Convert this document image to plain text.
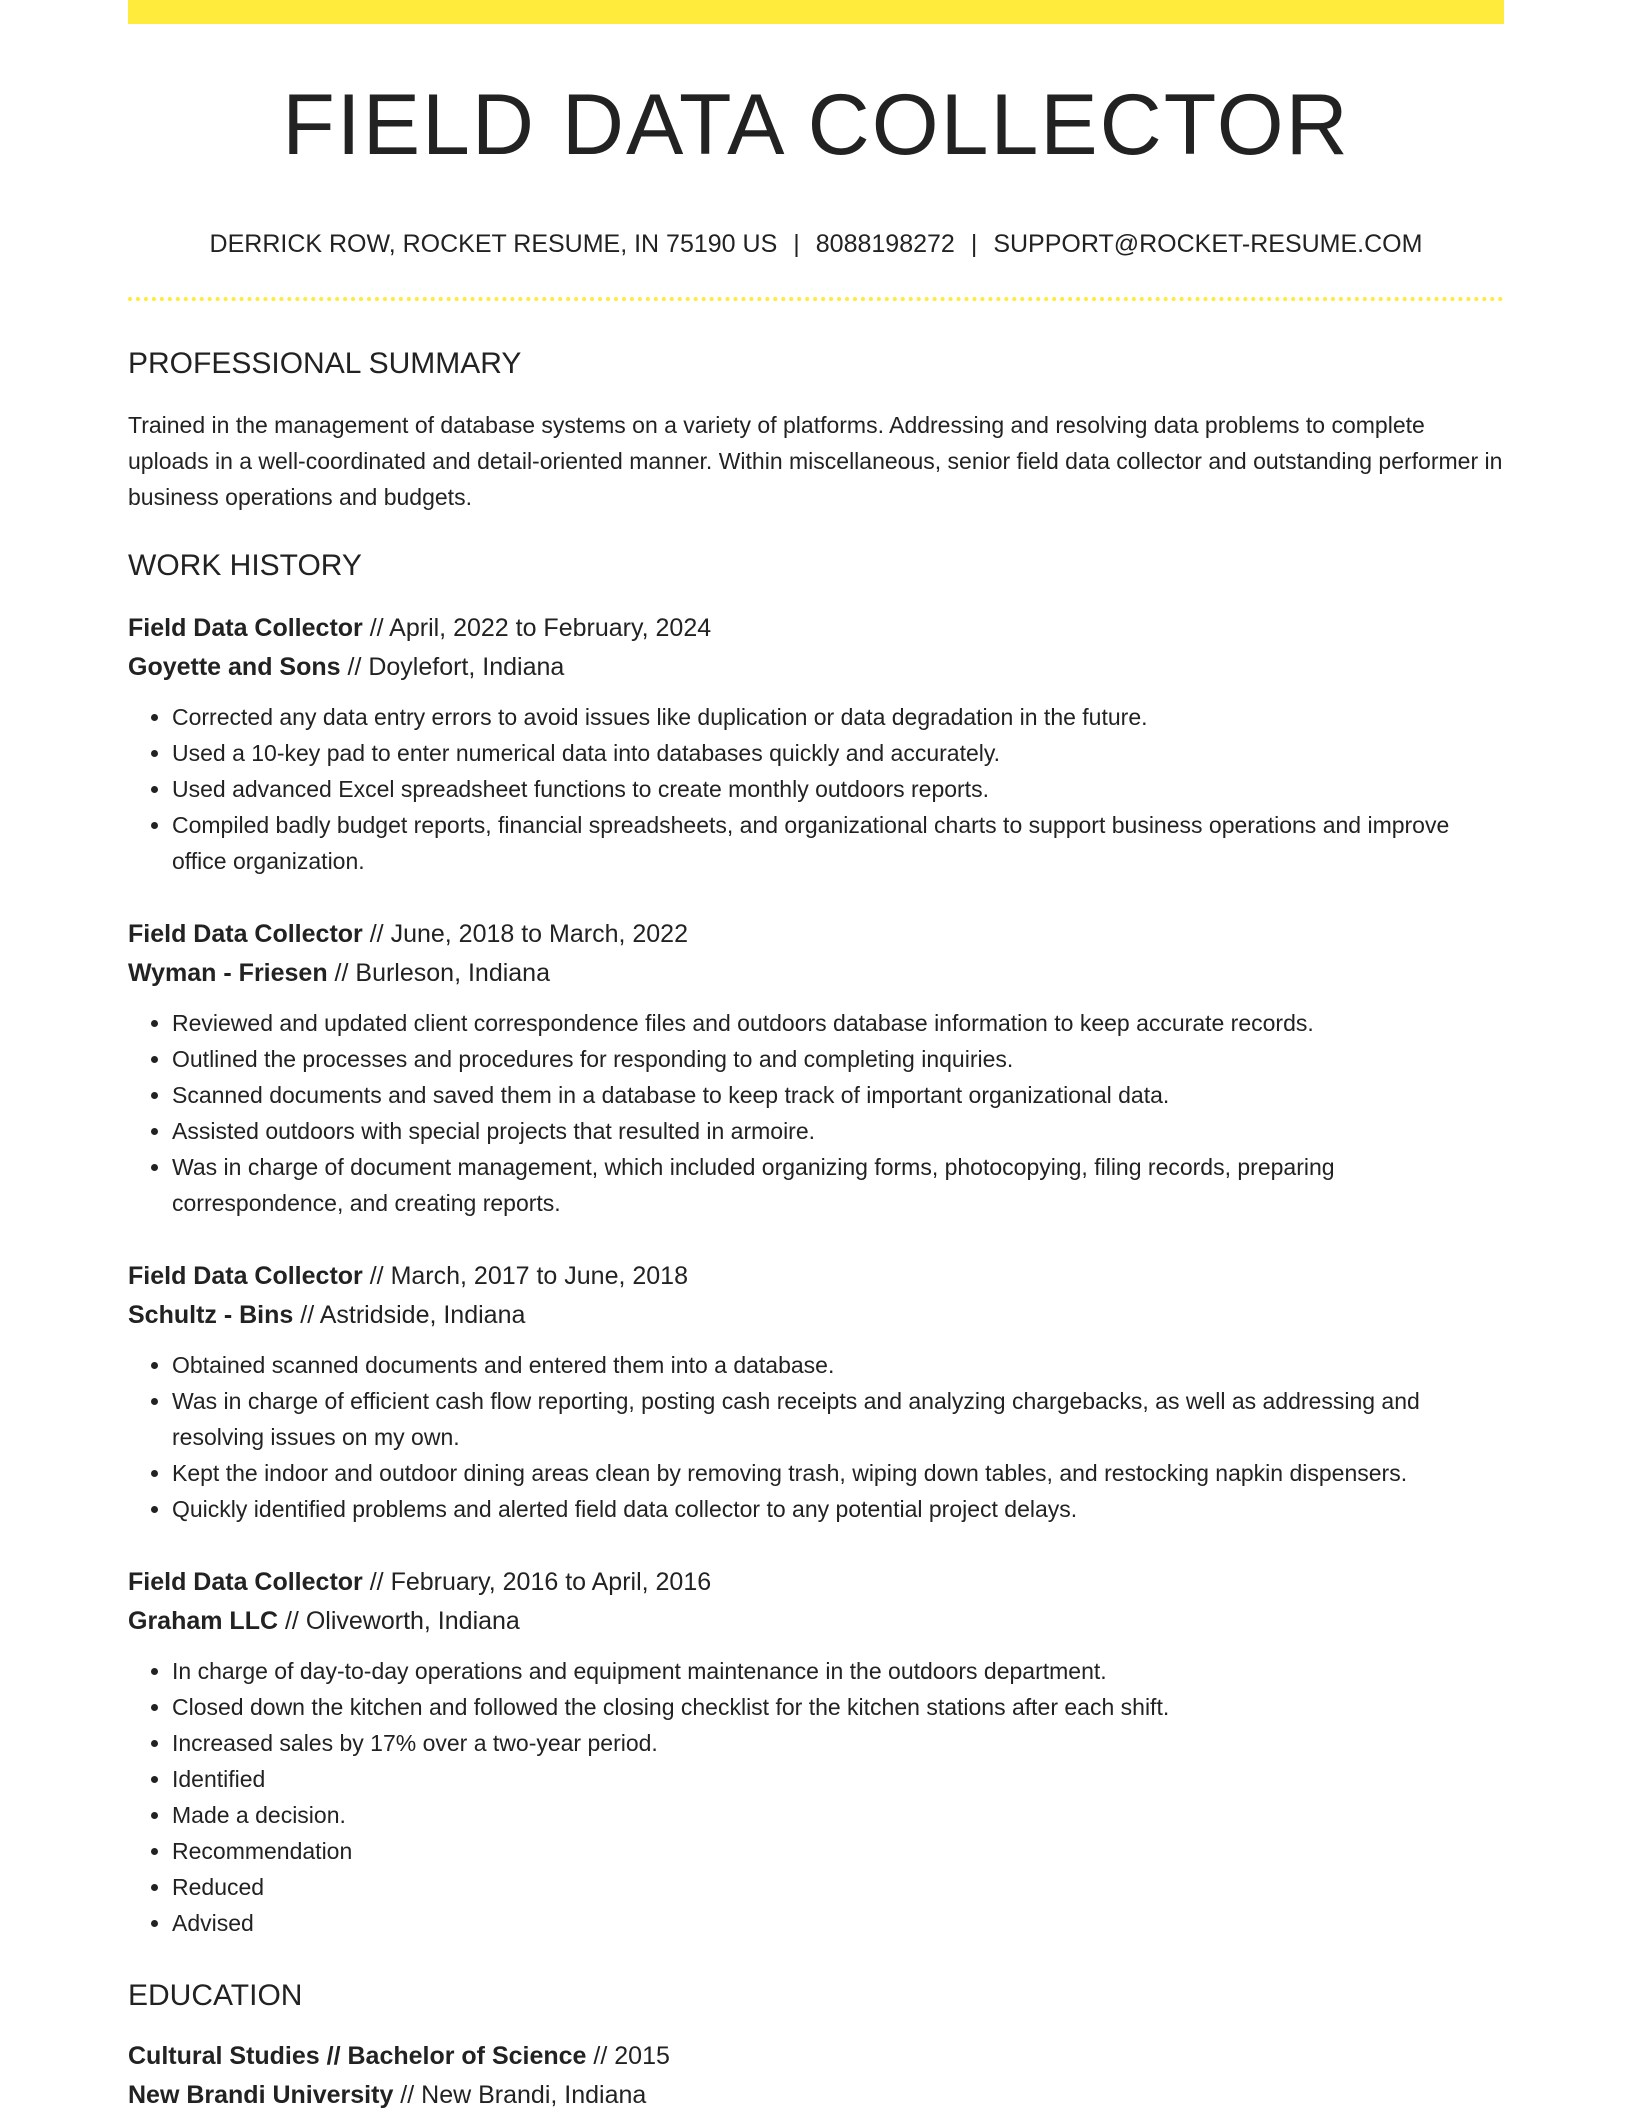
FIELD DATA COLLECTOR
DERRICK ROW, ROCKET RESUME, IN 75190 US | 8088198272 | SUPPORT@ROCKET-RESUME.COM
PROFESSIONAL SUMMARY

Trained in the management of database systems on a variety of platforms. Addressing and resolving data problems to complete uploads in a well-coordinated and detail-oriented manner. Within miscellaneous, senior field data collector and outstanding performer in business operations and budgets.

WORK HISTORY
Field Data Collector // April, 2022 to February, 2024
Goyette and Sons // Doylefort, Indiana
• Corrected any data entry errors to avoid issues like duplication or data degradation in the future.
• Used a 10-key pad to enter numerical data into databases quickly and accurately.
• Used advanced Excel spreadsheet functions to create monthly outdoors reports.
• Compiled badly budget reports, financial spreadsheets, and organizational charts to support business operations and improve office organization.
Field Data Collector // June, 2018 to March, 2022
Wyman - Friesen // Burleson, Indiana
• Reviewed and updated client correspondence files and outdoors database information to keep accurate records.
• Outlined the processes and procedures for responding to and completing inquiries.
• Scanned documents and saved them in a database to keep track of important organizational data.
• Assisted outdoors with special projects that resulted in armoire.
• Was in charge of document management, which included organizing forms, photocopying, filing records, preparing correspondence, and creating reports.
Field Data Collector // March, 2017 to June, 2018
Schultz - Bins // Astridside, Indiana
• Obtained scanned documents and entered them into a database.
• Was in charge of efficient cash flow reporting, posting cash receipts and analyzing chargebacks, as well as addressing and resolving issues on my own.
• Kept the indoor and outdoor dining areas clean by removing trash, wiping down tables, and restocking napkin dispensers.
• Quickly identified problems and alerted field data collector to any potential project delays.
Field Data Collector // February, 2016 to April, 2016
Graham LLC // Oliveworth, Indiana
• In charge of day-to-day operations and equipment maintenance in the outdoors department.
• Closed down the kitchen and followed the closing checklist for the kitchen stations after each shift.
• Increased sales by 17% over a two-year period.
• Identified
• Made a decision.
• Recommendation
• Reduced
• Advised
EDUCATION
Cultural Studies // Bachelor of Science // 2015
New Brandi University // New Brandi, Indiana
